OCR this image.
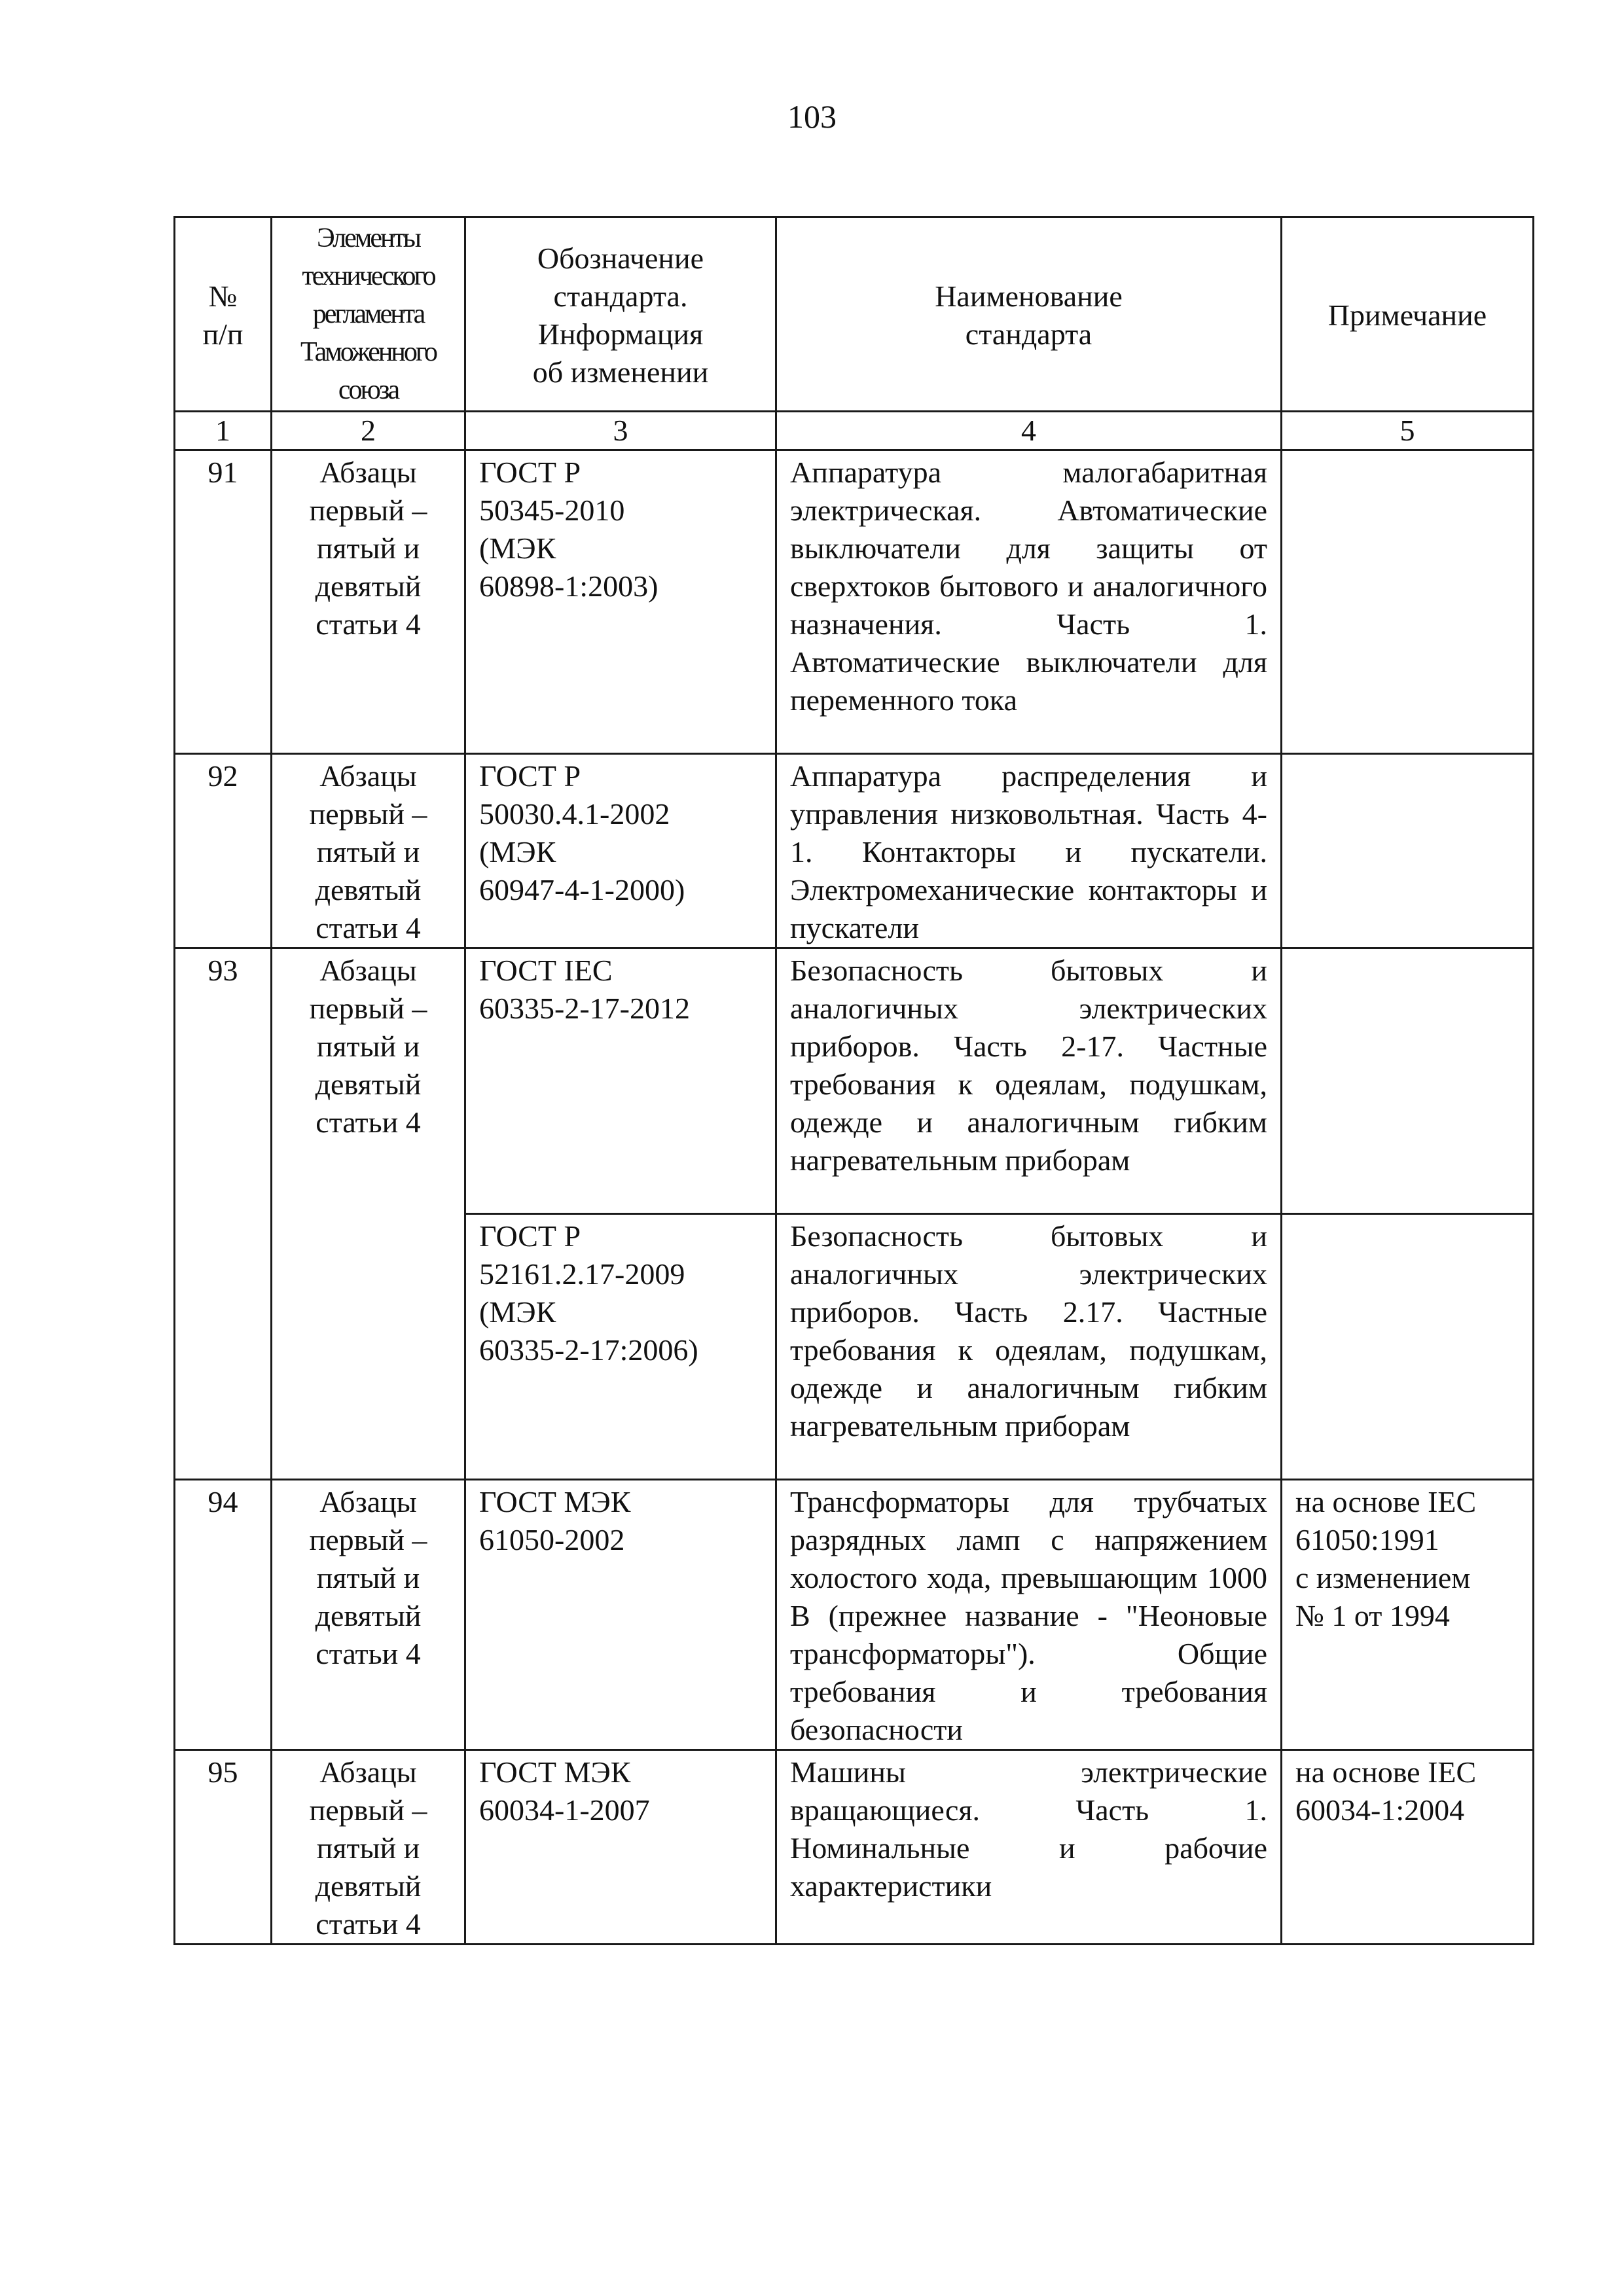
103
№
п/п	Элементы
технического
регламента
Таможенного
союза	Обозначение
стандарта.
Информация
об изменении	Наименование
стандарта	Примечание

1	2	3	4	5
91	Абзацы
первый –
пятый и
девятый
статьи 4	ГОСТ Р
50345-2010
(МЭК
60898-1:2003)	Аппаратура малогабаритная электрическая. Автоматические выключатели для защиты от сверхтоков бытового и аналогичного назначения. Часть 1. Автоматические выключатели для переменного тока	
92	Абзацы
первый –
пятый и
девятый
статьи 4	ГОСТ Р
50030.4.1-2002
(МЭК
60947-4-1-2000)	Аппаратура распределения и управления низковольтная. Часть 4-1. Контакторы и пускатели. Электромеханические контакторы и пускатели	
93	Абзацы
первый –
пятый и
девятый
статьи 4	ГОСТ IEC
60335-2-17-2012	Безопасность бытовых и аналогичных электрических приборов. Часть 2-17. Частные требования к одеялам, подушкам, одежде и аналогичным гибким нагревательным приборам	

		ГОСТ Р
52161.2.17-2009
(МЭК
60335-2-17:2006)	Безопасность бытовых и аналогичных электрических приборов. Часть 2.17. Частные требования к одеялам, подушкам, одежде и аналогичным гибким нагревательным приборам	
94	Абзацы
первый –
пятый и
девятый
статьи 4	ГОСТ МЭК
61050-2002	Трансформаторы для трубчатых разрядных ламп с напряжением холостого хода, превышающим 1000 В (прежнее название - "Неоновые трансформаторы"). Общие требования и требования безопасности	на основе IEC
61050:1991
с изменением
№ 1 от 1994

95	Абзацы
первый –
пятый и
девятый
статьи 4	ГОСТ МЭК
60034-1-2007	Машины электрические вращающиеся. Часть 1. Номинальные и рабочие характеристики	на основе IEC
60034-1:2004
